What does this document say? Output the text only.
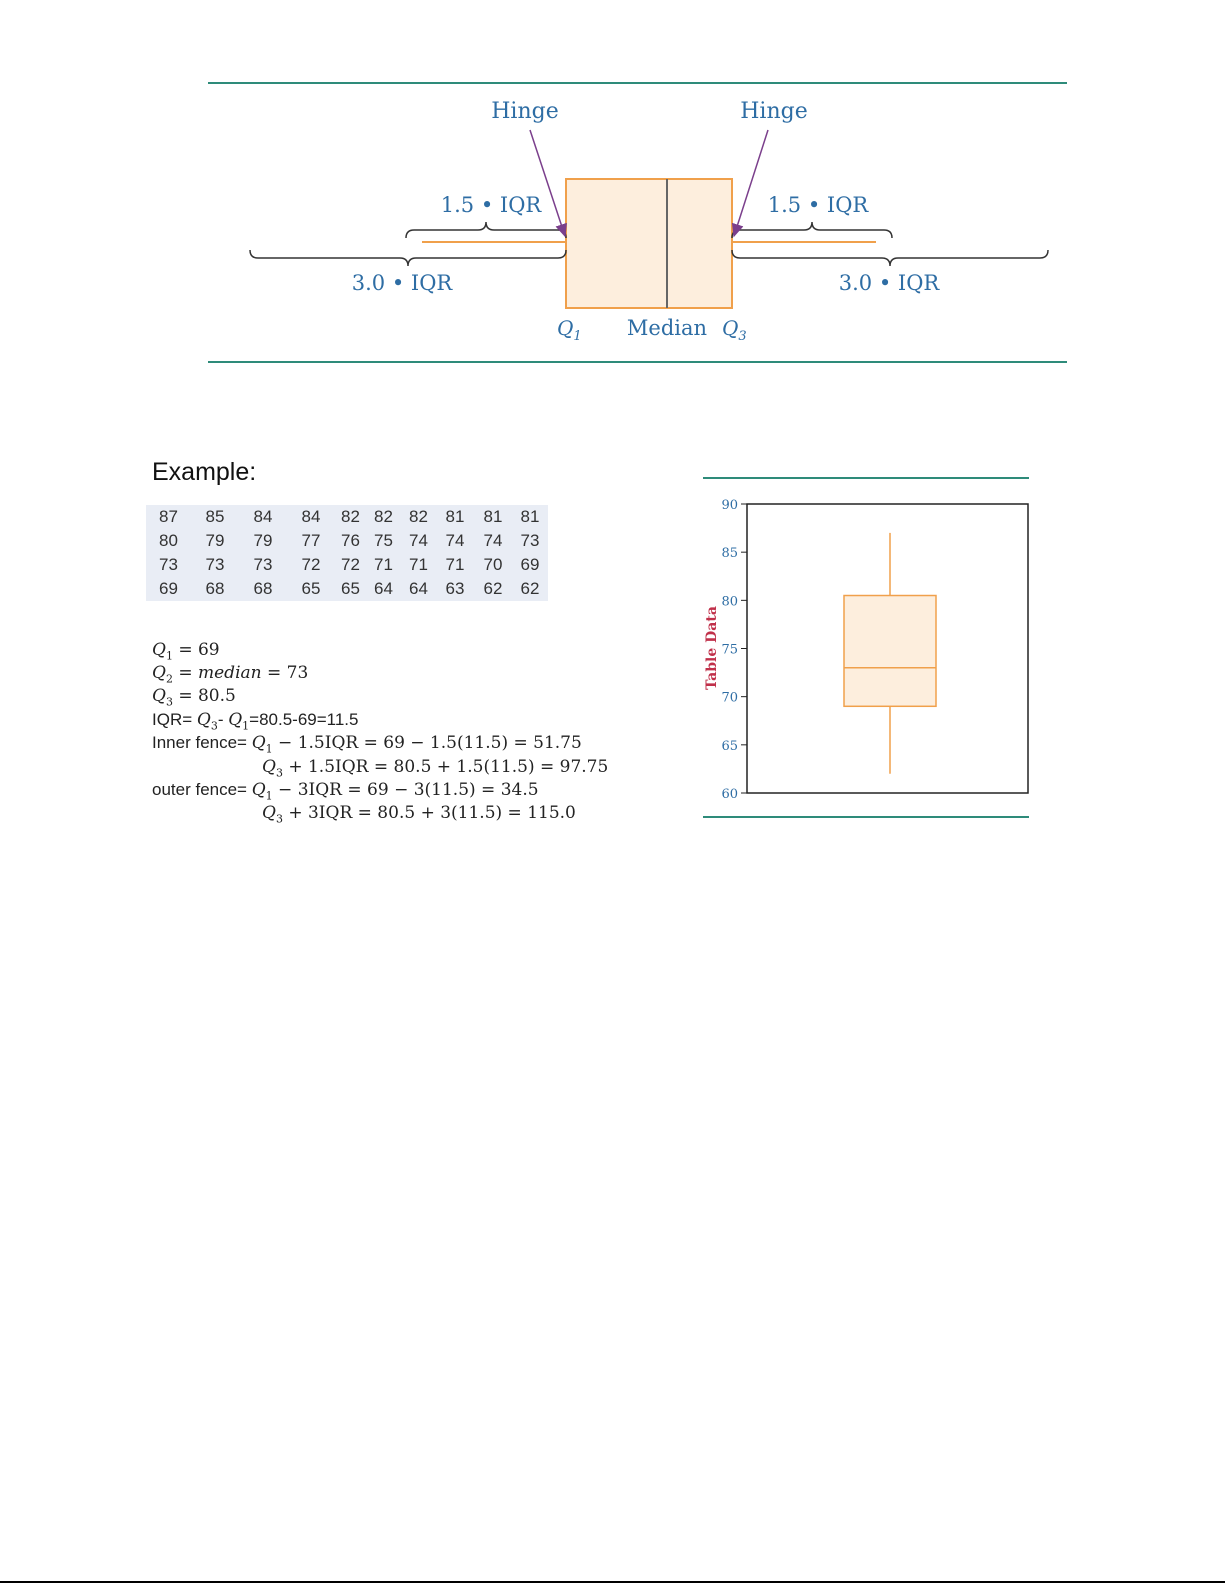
Hinge	Hinge
1.5 • IQR	1.5 • IQR
3.0 • IQR	3.0 • IQR
$Q_1$ Median $Q_3$
Example:
87	85	84	84	82	82	82	81	81	81
80	79	79	77	76	75	74	74	74	73
73	73	73	72	72	71	71	71	70	69
69	68	68	65	65	64	64	63	62	62
$Q_1 = 69$
$Q_2$ = median = 73
$Q_3 = 80.5$
$IQR= Q_3-$ $Q_1=80.5-69=11.5$
Inner fence= $Q_1 - 1.5IQR = 69 - 1.5(11.5) = 51.75$
$Q_3 + 1.5IQR = 80.5 + 1.5(11.5) = 97.75$
outer fence= $Q_1 - 3IQR = 69 - 3(11.5) = 34.5$
$Q_3 + 3IQR = 80.5 + 3(11.5) = 115.0$
Table Data
60
65
70
75
80
85
90
